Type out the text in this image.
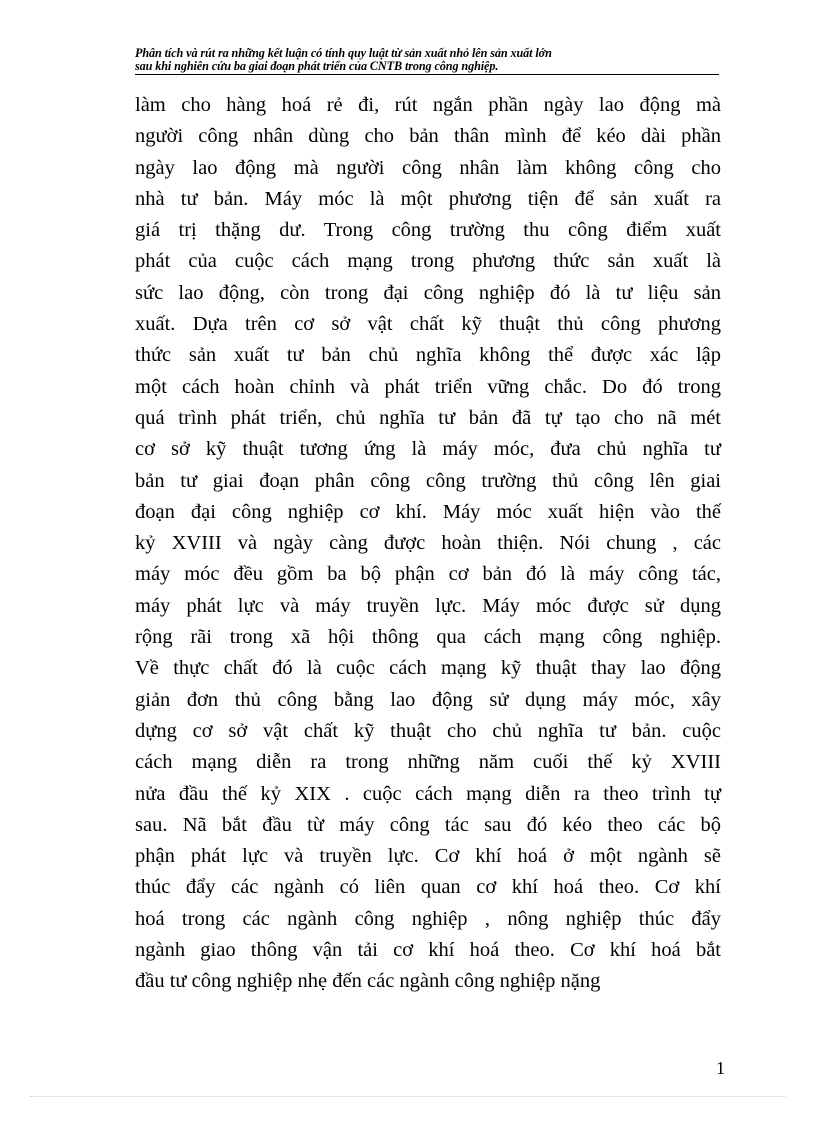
Phân tích và rút ra những kết luận có tính quy luật từ sản xuất nhỏ lên sản xuất lớn
sau khi nghiên cứu ba giai đoạn phát triển của CNTB trong công nghiệp.
làm cho hàng hoá rẻ đi, rút ngắn phần ngày lao động mà
người công nhân dùng cho bản thân mình để kéo dài phần
ngày lao động mà người công nhân làm không công cho
nhà tư bản. Máy móc là một phương tiện để sản xuất ra
giá trị thặng dư. Trong công trường thu công điểm xuất
phát của cuộc cách mạng trong phương thức sản xuất là
sức lao động, còn trong đại công nghiệp đó là tư liệu sản
xuất. Dựa trên cơ sở vật chất kỹ thuật thủ công phương
thức sản xuất tư bản chủ nghĩa không thể được xác lập
một cách hoàn chỉnh và phát triển vững chắc. Do đó trong
quá trình phát triển, chủ nghĩa tư bản đã tự tạo cho nã mét
cơ sở kỹ thuật tương ứng là máy móc, đưa chủ nghĩa tư
bản tư giai đoạn phân công công trường thủ công lên giai
đoạn đại công nghiệp cơ khí. Máy móc xuất hiện vào thế
kỷ XVIII và ngày càng được hoàn thiện. Nói chung , các
máy móc đều gồm ba bộ phận cơ bản đó là máy công tác,
máy phát lực và máy truyền lực. Máy móc được sử dụng
rộng rãi trong xã hội thông qua cách mạng công nghiệp.
Về thực chất đó là cuộc cách mạng kỹ thuật thay lao động
giản đơn thủ công bằng lao động sử dụng máy móc, xây
dựng cơ sở vật chất kỹ thuật cho chủ nghĩa tư bản. cuộc
cách mạng diễn ra trong những năm cuối thế kỷ XVIII
nửa đầu thế kỷ XIX . cuộc cách mạng diễn ra theo trình tự
sau. Nã bắt đầu từ máy công tác sau đó kéo theo các bộ
phận phát lực và truyền lực. Cơ khí hoá ở một ngành sẽ
thúc đẩy các ngành có liên quan cơ khí hoá theo. Cơ khí
hoá trong các ngành công nghiệp , nông nghiệp thúc đẩy
ngành giao thông vận tải cơ khí hoá theo. Cơ khí hoá bắt
đầu tư công nghiệp nhẹ đến các ngành công nghiệp nặng
1
